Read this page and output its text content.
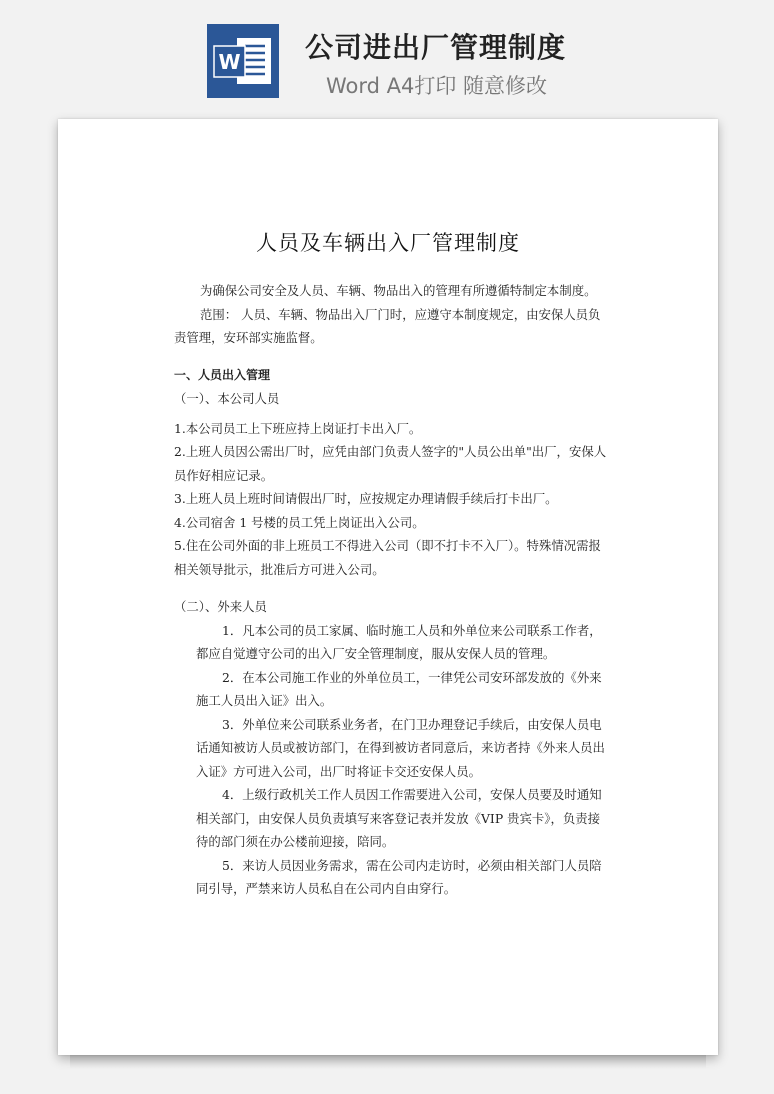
W 公司进出厂管理制度
Word A4打印 随意修改
人员及车辆出入厂管理制度

为确保公司安全及人员、车辆、物品出入的管理有所遵循特制定本制度。

范围： 人员、车辆、物品出入厂门时，应遵守本制度规定，由安保人员负责管理，安环部实施监督。

一、人员出入管理

（一）、本公司人员

1.本公司员工上下班应持上岗证打卡出入厂。

2.上班人员因公需出厂时，应凭由部门负责人签字的"人员公出单"出厂，安保人员作好相应记录。

3.上班人员上班时间请假出厂时，应按规定办理请假手续后打卡出厂。

4.公司宿舍 1 号楼的员工凭上岗证出入公司。

5.住在公司外面的非上班员工不得进入公司（即不打卡不入厂）。特殊情况需报相关领导批示，批准后方可进入公司。

（二）、外来人员

1．凡本公司的员工家属、临时施工人员和外单位来公司联系工作者，都应自觉遵守公司的出入厂安全管理制度，服从安保人员的管理。

2．在本公司施工作业的外单位员工，一律凭公司安环部发放的《外来施工人员出入证》出入。

3．外单位来公司联系业务者，在门卫办理登记手续后，由安保人员电话通知被访人员或被访部门，在得到被访者同意后，来访者持《外来人员出入证》方可进入公司，出厂时将证卡交还安保人员。

4．上级行政机关工作人员因工作需要进入公司，安保人员要及时通知相关部门，由安保人员负责填写来客登记表并发放《VIP 贵宾卡》，负责接待的部门须在办公楼前迎接，陪同。

5．来访人员因业务需求，需在公司内走访时，必须由相关部门人员陪同引导，严禁来访人员私自在公司内自由穿行。
